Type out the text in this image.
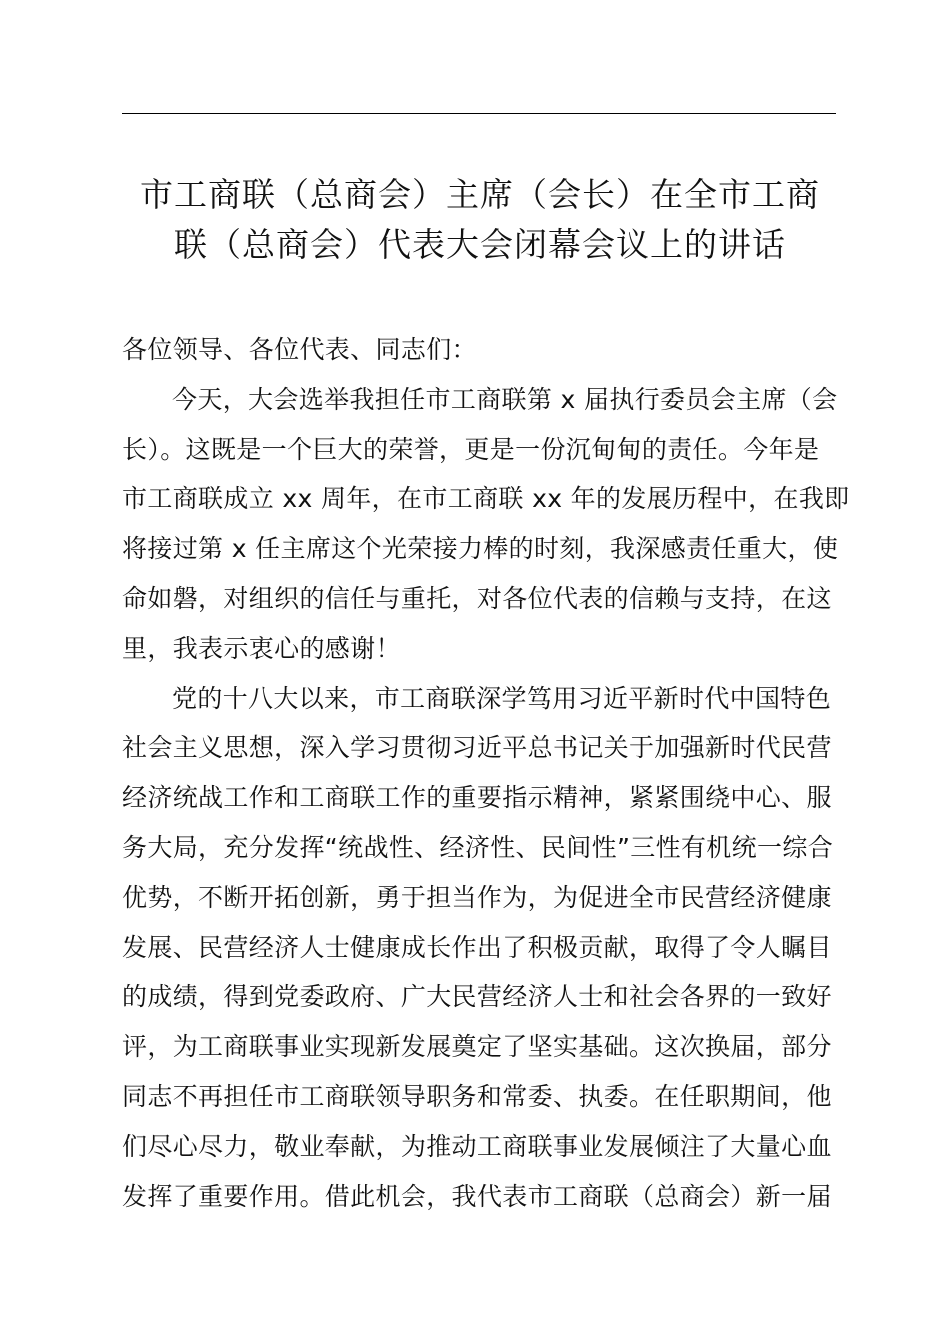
市工商联（总商会）主席（会长）在全市工商
联（总商会）代表大会闭幕会议上的讲话
各位领导、各位代表、同志们：
今天，大会选举我担任市工商联第 x 届执行委员会主席（会
长）。这既是一个巨大的荣誉，更是一份沉甸甸的责任。今年是
市工商联成立 xx 周年，在市工商联 xx 年的发展历程中，在我即
将接过第 x 任主席这个光荣接力棒的时刻，我深感责任重大，使
命如磐，对组织的信任与重托，对各位代表的信赖与支持，在这
里，我表示衷心的感谢！
党的十八大以来，市工商联深学笃用习近平新时代中国特色
社会主义思想，深入学习贯彻习近平总书记关于加强新时代民营
经济统战工作和工商联工作的重要指示精神，紧紧围绕中心、服
务大局，充分发挥“统战性、经济性、民间性”三性有机统一综合
优势，不断开拓创新，勇于担当作为，为促进全市民营经济健康
发展、民营经济人士健康成长作出了积极贡献，取得了令人瞩目
的成绩，得到党委政府、广大民营经济人士和社会各界的一致好
评，为工商联事业实现新发展奠定了坚实基础。这次换届，部分
同志不再担任市工商联领导职务和常委、执委。在任职期间，他
们尽心尽力，敬业奉献，为推动工商联事业发展倾注了大量心血
发挥了重要作用。借此机会，我代表市工商联（总商会）新一届
